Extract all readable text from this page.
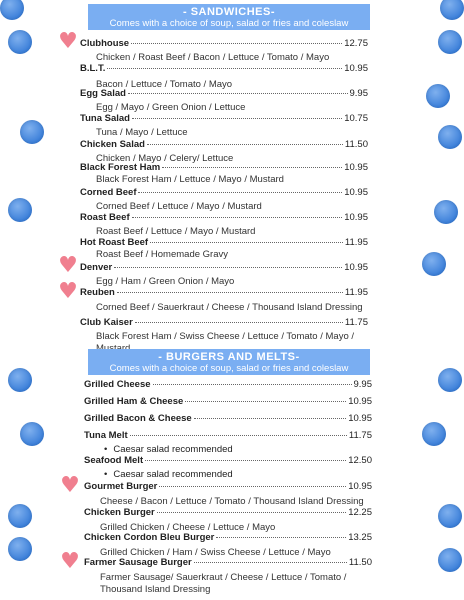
♥
♥
♥
♥
♥
- SANDWICHES-
Comes with a choice of soup, salad or fries and coleslaw
Clubhouse	12.75
Chicken / Roast Beef / Bacon / Lettuce / Tomato / Mayo
B.L.T.	10.95
Bacon / Lettuce / Tomato / Mayo
Egg Salad	9.95
Egg / Mayo / Green Onion / Lettuce
Tuna Salad	10.75
Tuna / Mayo / Lettuce
Chicken Salad	11.50
Chicken / Mayo / Celery/ Lettuce
Black Forest Ham	10.95
Black Forest Ham / Lettuce / Mayo / Mustard
Corned Beef	10.95
Corned Beef / Lettuce / Mayo / Mustard
Roast Beef	10.95
Roast Beef / Lettuce / Mayo / Mustard
Hot Roast Beef	11.95
Roast Beef / Homemade Gravy
Denver	10.95
Egg / Ham / Green Onion / Mayo
Reuben	11.95
Corned Beef / Sauerkraut / Cheese / Thousand Island Dressing
Club Kaiser	11.75
Black Forest Ham / Swiss Cheese / Lettuce / Tomato / Mayo /
- BURGERS AND MELTS-
Comes with a choice of soup, salad or fries and coleslaw
Grilled Cheese	9.95
Grilled Ham & Cheese	10.95
Grilled Bacon & Cheese	10.95
Tuna Melt	11.75
• Caesar salad recommended
Seafood Melt	12.50
• Caesar salad recommended
Gourmet Burger	10.95
Cheese / Bacon / Lettuce / Tomato / Thousand Island Dressing
Chicken Burger	12.25
Grilled Chicken / Cheese / Lettuce / Mayo
Chicken Cordon Bleu Burger	13.25
Grilled Chicken / Ham / Swiss Cheese / Lettuce / Mayo
Farmer Sausage Burger	11.50
Farmer Sausage/ Sauerkraut / Cheese / Lettuce / Tomato / Thousand Island Dressing
